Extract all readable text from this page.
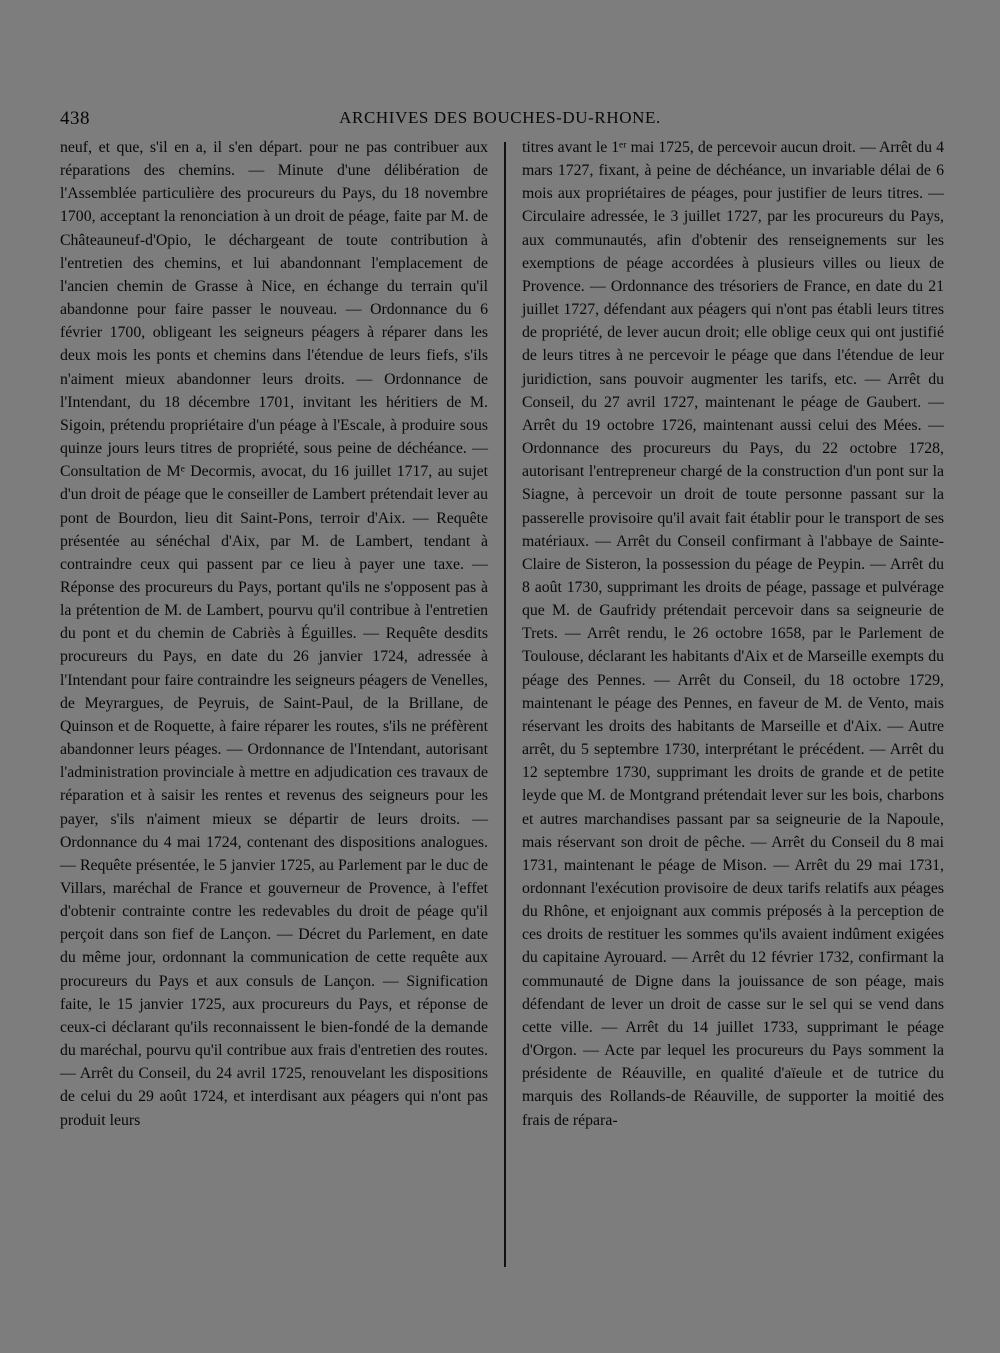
438	ARCHIVES DES BOUCHES-DU-RHONE.

neuf, et que, s'il en a, il s'en départ. pour ne pas contribuer aux réparations des chemins. — Minute d'une délibération de l'Assemblée particulière des procureurs du Pays, du 18 novembre 1700, acceptant la renonciation à un droit de péage, faite par M. de Châteauneuf-d'Opio, le déchargeant de toute contribution à l'entretien des chemins, et lui abandonnant l'emplacement de l'ancien chemin de Grasse à Nice, en échange du terrain qu'il abandonne pour faire passer le nouveau. — Ordonnance du 6 février 1700, obligeant les seigneurs péagers à réparer dans les deux mois les ponts et chemins dans l'étendue de leurs fiefs, s'ils n'aiment mieux abandonner leurs droits. — Ordonnance de l'Intendant, du 18 décembre 1701, invitant les héritiers de M. Sigoin, prétendu propriétaire d'un péage à l'Escale, à produire sous quinze jours leurs titres de propriété, sous peine de déchéance. — Consultation de Mᵉ Decormis, avocat, du 16 juillet 1717, au sujet d'un droit de péage que le conseiller de Lambert prétendait lever au pont de Bourdon, lieu dit Saint-Pons, terroir d'Aix. — Requête présentée au sénéchal d'Aix, par M. de Lambert, tendant à contraindre ceux qui passent par ce lieu à payer une taxe. — Réponse des procureurs du Pays, portant qu'ils ne s'opposent pas à la prétention de M. de Lambert, pourvu qu'il contribue à l'entretien du pont et du chemin de Cabriès à Éguilles. — Requête desdits procureurs du Pays, en date du 26 janvier 1724, adressée à l'Intendant pour faire contraindre les seigneurs péagers de Venelles, de Meyrargues, de Peyruis, de Saint-Paul, de la Brillane, de Quinson et de Roquette, à faire réparer les routes, s'ils ne préfèrent abandonner leurs péages. — Ordonnance de l'Intendant, autorisant l'administration provinciale à mettre en adjudication ces travaux de réparation et à saisir les rentes et revenus des seigneurs pour les payer, s'ils n'aiment mieux se départir de leurs droits. — Ordonnance du 4 mai 1724, contenant des dispositions analogues. — Requête présentée, le 5 janvier 1725, au Parlement par le duc de Villars, maréchal de France et gouverneur de Provence, à l'effet d'obtenir contrainte contre les redevables du droit de péage qu'il perçoit dans son fief de Lançon. — Décret du Parlement, en date du même jour, ordonnant la communication de cette requête aux procureurs du Pays et aux consuls de Lançon. — Signification faite, le 15 janvier 1725, aux procureurs du Pays, et réponse de ceux-ci déclarant qu'ils reconnaissent le bien-fondé de la demande du maréchal, pourvu qu'il contribue aux frais d'entretien des routes. — Arrêt du Conseil, du 24 avril 1725, renouvelant les dispositions de celui du 29 août 1724, et interdisant aux péagers qui n'ont pas produit leurs

titres avant le 1ᵉʳ mai 1725, de percevoir aucun droit. — Arrêt du 4 mars 1727, fixant, à peine de déchéance, un invariable délai de 6 mois aux propriétaires de péages, pour justifier de leurs titres. — Circulaire adressée, le 3 juillet 1727, par les procureurs du Pays, aux communautés, afin d'obtenir des renseignements sur les exemptions de péage accordées à plusieurs villes ou lieux de Provence. — Ordonnance des trésoriers de France, en date du 21 juillet 1727, défendant aux péagers qui n'ont pas établi leurs titres de propriété, de lever aucun droit; elle oblige ceux qui ont justifié de leurs titres à ne percevoir le péage que dans l'étendue de leur juridiction, sans pouvoir augmenter les tarifs, etc. — Arrêt du Conseil, du 27 avril 1727, maintenant le péage de Gaubert. — Arrêt du 19 octobre 1726, maintenant aussi celui des Mées. — Ordonnance des procureurs du Pays, du 22 octobre 1728, autorisant l'entrepreneur chargé de la construction d'un pont sur la Siagne, à percevoir un droit de toute personne passant sur la passerelle provisoire qu'il avait fait établir pour le transport de ses matériaux. — Arrêt du Conseil confirmant à l'abbaye de Sainte-Claire de Sisteron, la possession du péage de Peypin. — Arrêt du 8 août 1730, supprimant les droits de péage, passage et pulvérage que M. de Gaufridy prétendait percevoir dans sa seigneurie de Trets. — Arrêt rendu, le 26 octobre 1658, par le Parlement de Toulouse, déclarant les habitants d'Aix et de Marseille exempts du péage des Pennes. — Arrêt du Conseil, du 18 octobre 1729, maintenant le péage des Pennes, en faveur de M. de Vento, mais réservant les droits des habitants de Marseille et d'Aix. — Autre arrêt, du 5 septembre 1730, interprétant le précédent. — Arrêt du 12 septembre 1730, supprimant les droits de grande et de petite leyde que M. de Montgrand prétendait lever sur les bois, charbons et autres marchandises passant par sa seigneurie de la Napoule, mais réservant son droit de pêche. — Arrêt du Conseil du 8 mai 1731, maintenant le péage de Mison. — Arrêt du 29 mai 1731, ordonnant l'exécution provisoire de deux tarifs relatifs aux péages du Rhône, et enjoignant aux commis préposés à la perception de ces droits de restituer les sommes qu'ils avaient indûment exigées du capitaine Ayrouard. — Arrêt du 12 février 1732, confirmant la communauté de Digne dans la jouissance de son péage, mais défendant de lever un droit de casse sur le sel qui se vend dans cette ville. — Arrêt du 14 juillet 1733, supprimant le péage d'Orgon. — Acte par lequel les procureurs du Pays somment la présidente de Réauville, en qualité d'aïeule et de tutrice du marquis des Rollands-de Réauville, de supporter la moitié des frais de répara-
